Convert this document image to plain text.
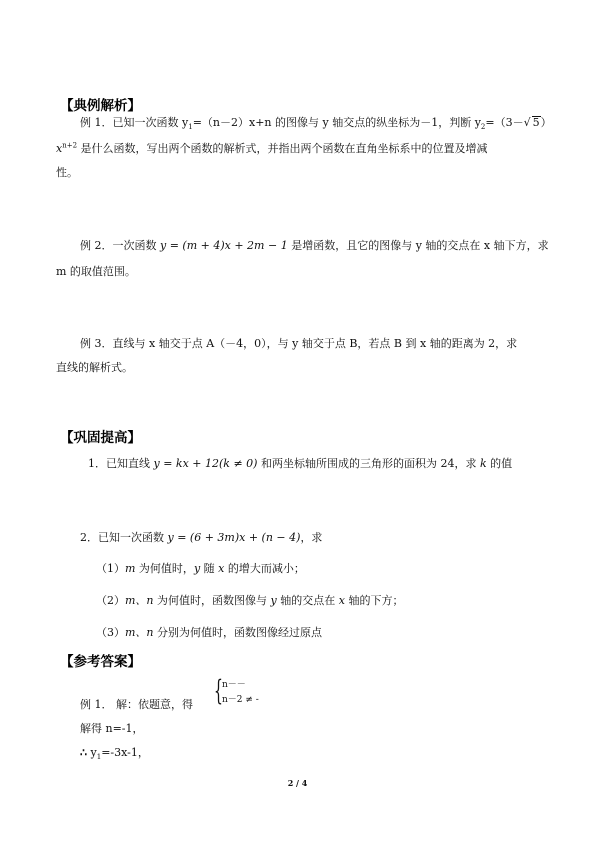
【典例解析】
例 1．已知一次函数 $y_1=(n-2)x+n$ 的图像与 y 轴交点的纵坐标为－1，判断 $y_2=(3-√$ 5）
$x^{n+2}$ 是什么函数，写出两个函数的解析式，并指出两个函数在直角坐标系中的位置及增减
性。
例 2．一次函数 y = (m + 4)x + 2m − 1 是增函数，且它的图像与 y 轴的交点在 x 轴下方，求
m 的取值范围。
例 3．直线与 x 轴交于点 A（－4，0），与 y 轴交于点 B，若点 B 到 x 轴的距离为 2，求
直线的解析式。
【巩固提高】
1．已知直线 y = kx + 12(k ≠ 0) 和两坐标轴所围成的三角形的面积为 24，求 k 的值
2．已知一次函数 y = (6 + 3m)x + (n − 4)，求
（1）m 为何值时，y 随 x 的增大而减小；
（2）m、n 为何值时，函数图像与 y 轴的交点在 x 轴的下方；
（3）m、n 分别为何值时，函数图像经过原点
【参考答案】
例 1． 解：依题意，得 { n－－
n－2 ≠ -
解得 n=-1，
∴ $y_1=-3x-1$，
2 / 4
